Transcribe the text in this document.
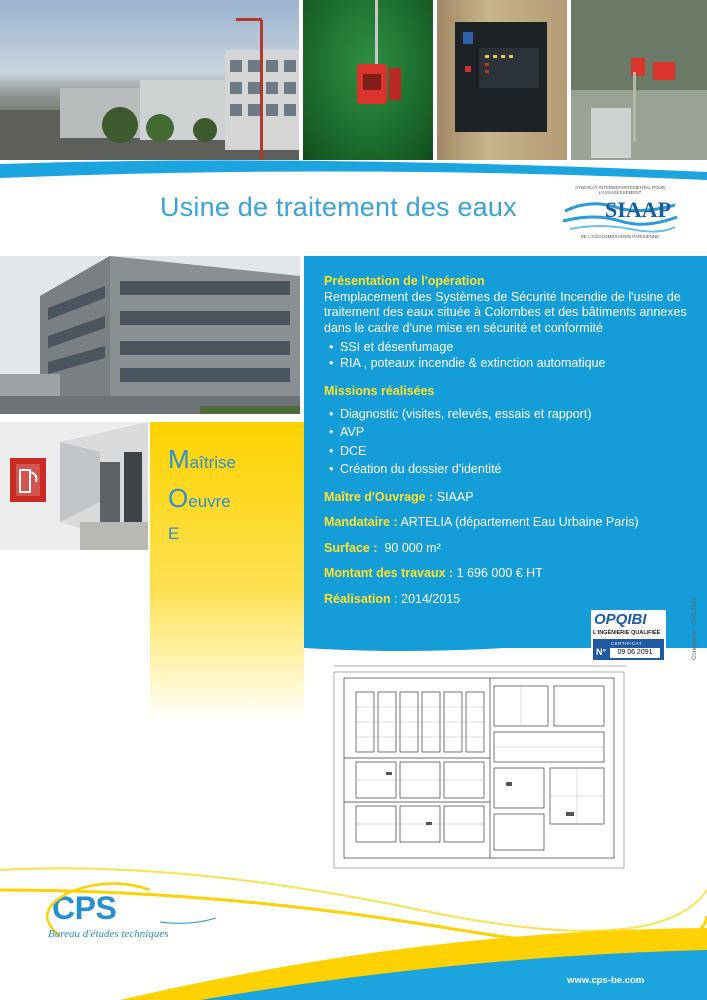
Usine de traitement des eaux
SYNDICAT INTERDÉPARTEMENTAL POUR L'ASSAINISSEMENT
SIAAP
DE L'AGGLOMÉRATION PARISIENNE
Maîtrise
Oeuvre
E
Présentation de l'opération
Remplacement des Systèmes de Sécurité Incendie de l'usine de traitement des eaux située à Colombes et des bâtiments annexes dans le cadre d'une mise en sécurité et conformité
• SSI et désenfumage
• RIA , poteaux incendie & extinction automatique
Missions réalisées
• Diagnostic (visites, relevés, essais et rapport)
• AVP
• DCE
• Création du dossier d'identité
Maître d'Ouvrage : SIAAP
Mandataire : ARTELIA (département Eau Urbaine Paris)
Surface : 90 000 m²
Montant des travaux : 1 696 000 € HT
Réalisation : 2014/2015
OPQIBI
L'INGÉNIERIE QUALIFIÉE
N°
CERTIFICAT
09 06 2091	Conception : CPS 2015
CPS
Bureau d'études techniques
www.cps-be.com
